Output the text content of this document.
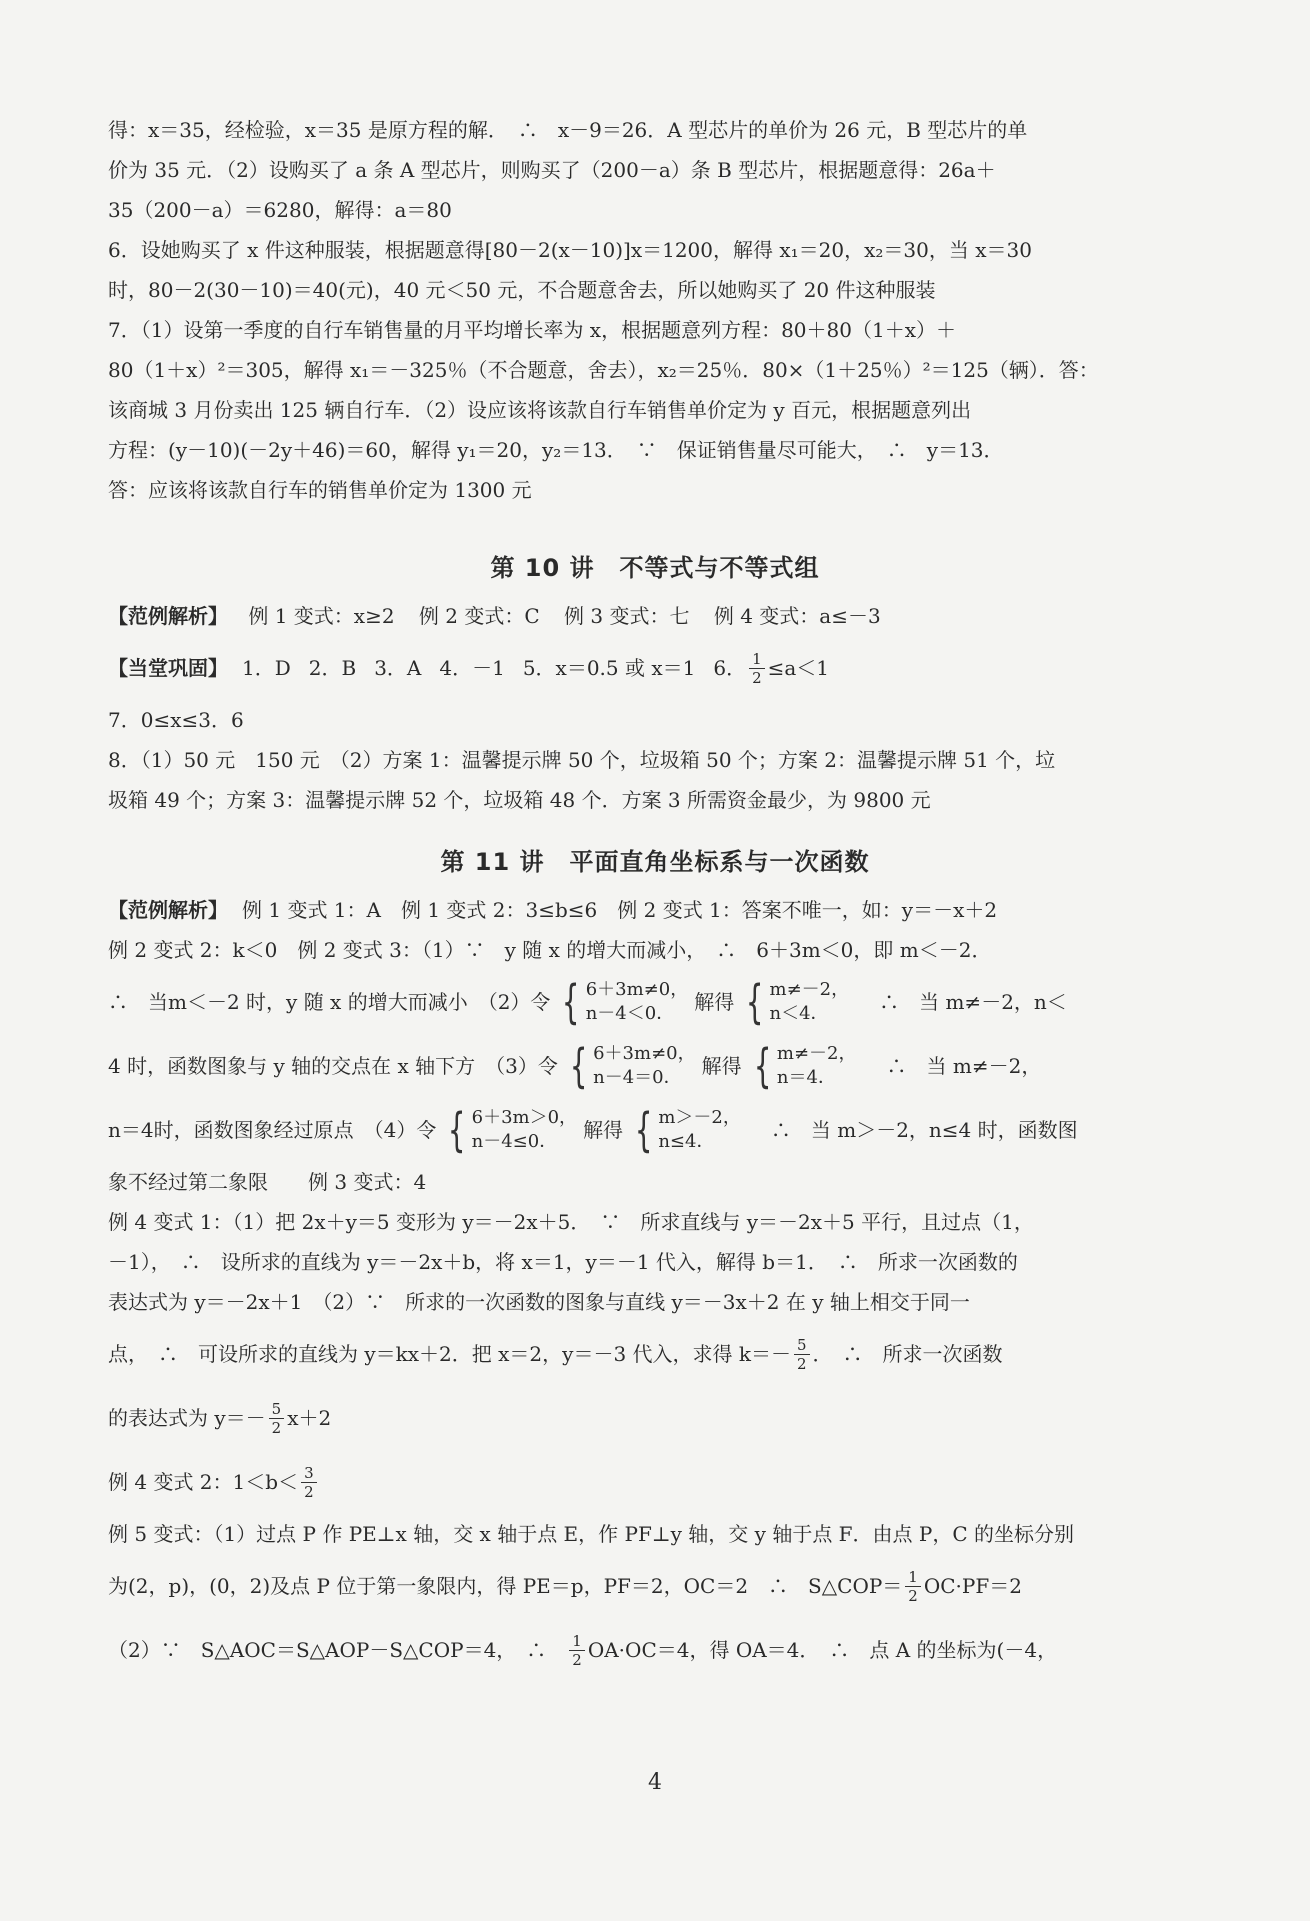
得：x＝35，经检验，x＝35 是原方程的解．　∴　x－9＝26．A 型芯片的单价为 26 元，B 型芯片的单
价为 35 元．（2）设购买了 a 条 A 型芯片，则购买了（200－a）条 B 型芯片，根据题意得：26a＋
35（200－a）＝6280，解得：a＝80
6．设她购买了 x 件这种服装，根据题意得[80－2(x－10)]x＝1200，解得 x₁＝20，x₂＝30，当 x＝30
时，80－2(30－10)＝40(元)，40 元＜50 元，不合题意舍去，所以她购买了 20 件这种服装
7．（1）设第一季度的自行车销售量的月平均增长率为 x，根据题意列方程：80＋80（1＋x）＋
80（1＋x）²＝305，解得 x₁＝－325％（不合题意，舍去），x₂＝25％．80×（1＋25％）²＝125（辆）．答：
该商城 3 月份卖出 125 辆自行车．（2）设应该将该款自行车销售单价定为 y 百元，根据题意列出
方程：(y－10)(－2y＋46)＝60，解得 y₁＝20，y₂＝13．　∵　保证销售量尽可能大，　∴　y＝13．
答：应该将该款自行车的销售单价定为 1300 元
第 10 讲　不等式与不等式组
【范例解析】 例 1 变式：x≥2 例 2 变式：C 例 3 变式：七 例 4 变式：a≤－3
【当堂巩固】 1．D 2．B 3．A 4．－1 5．x＝0.5 或 x＝1 6． $\frac{1}{2} \le a<1$
7．0≤x≤3．6
8．（1）50 元　150 元　（2）方案 1：温馨提示牌 50 个，垃圾箱 50 个；方案 2：温馨提示牌 51 个，垃
圾箱 49 个；方案 3：温馨提示牌 52 个，垃圾箱 48 个．方案 3 所需资金最少，为 9800 元
第 11 讲　平面直角坐标系与一次函数
【范例解析】 例 1 变式 1：A　例 1 变式 2：3≤b≤6　例 2 变式 1：答案不唯一，如：y＝－x＋2
例 2 变式 2：k＜0　例 2 变式 3：（1）∵　y 随 x 的增大而减小，　∴　6＋3m＜0，即 m＜－2．
∴　当m＜－2 时，y 随 x 的增大而减小　（2）令 { 6＋3m≠0，
n－4＜0．	解得 { m≠－2，
n＜4．	∴　当 m≠－2，n＜
4 时，函数图象与 y 轴的交点在 x 轴下方　（3）令 { 6＋3m≠0，
n－4＝0．	解得 { m≠－2，
n＝4．	∴　当 m≠－2，
n＝4时，函数图象经过原点　（4）令 { 6＋3m＞0，
n－4≤0．	解得 { m＞－2，
n≤4．	∴　当 m＞－2，n≤4 时，函数图
象不经过第二象限　　例 3 变式：4
例 4 变式 1：（1）把 2x＋y＝5 变形为 y＝－2x＋5．　∵　所求直线与 y＝－2x＋5 平行，且过点（1，
－1），　∴　设所求的直线为 y＝－2x＋b，将 x＝1，y＝－1 代入，解得 b＝1．　∴　所求一次函数的
表达式为 y＝－2x＋1　（2）∵　所求的一次函数的图象与直线 y＝－3x＋2 在 y 轴上相交于同一
点，　∴　可设所求的直线为 y＝kx＋2．把 x＝2，y＝－3 代入，求得 $k=- \frac{5}{2}$ ．　∴　所求一次函数
的表达式为 $y=- \frac{5}{2} x+2$
例 4 变式 2：$1<b< \frac{3}{2}$
例 5 变式：（1）过点 P 作 PE⊥x 轴，交 x 轴于点 E，作 PF⊥y 轴，交 y 轴于点 F．由点 P，C 的坐标分别
为(2，p)，(0，2)及点 P 位于第一象限内，得 PE＝p，PF＝2，OC＝2　∴　S△COP＝ $\frac{1}{2} OC\cdot PF=2$
（2）∵　S△AOC＝S△AOP－S△COP＝4，　∴　 $\frac{1}{2} OA\cdot OC=4$，得 OA＝4．　∴　点 A 的坐标为(－4，
4
